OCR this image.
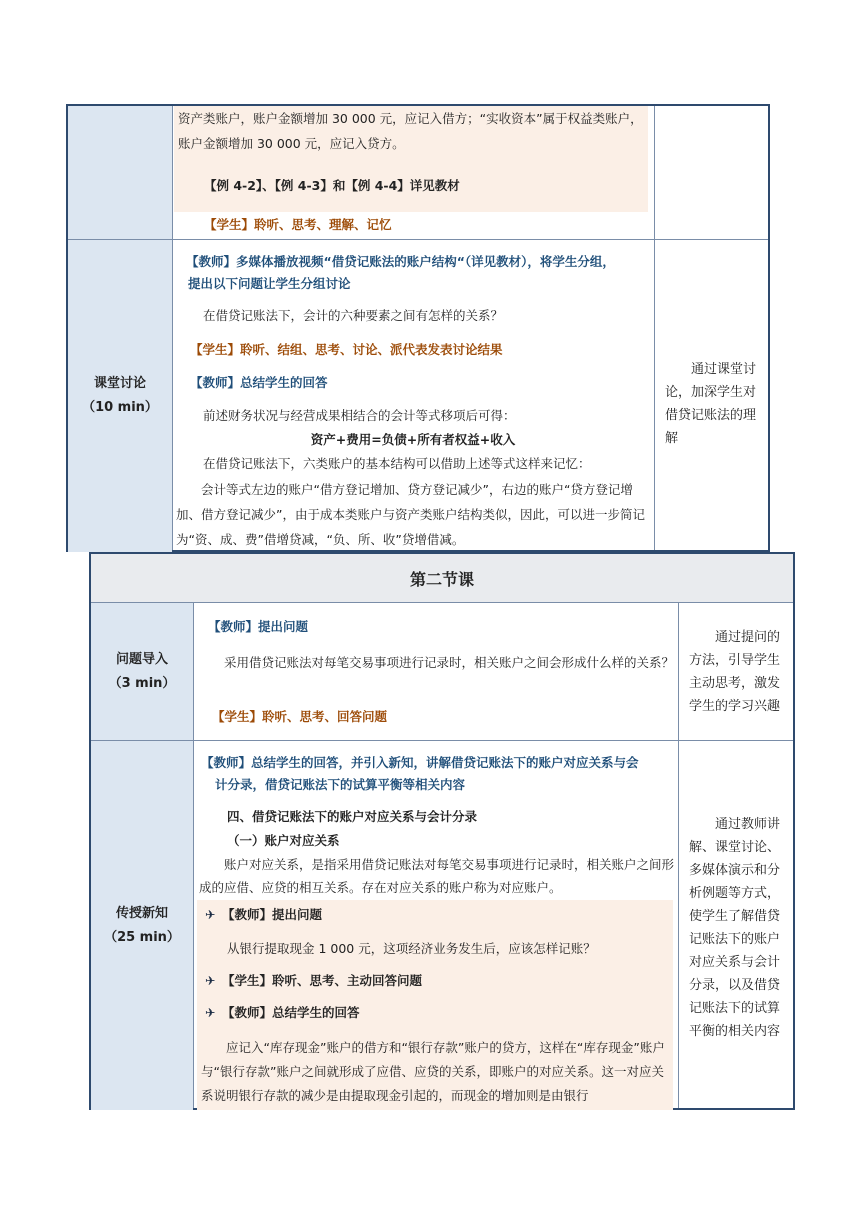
资产类账户，账户金额增加 30 000 元，应记入借方；“实收资本”属于权益类账户，

账户金额增加 30 000 元，应记入贷方。

【例 4-2】、【例 4-3】和【例 4-4】详见教材

【学生】聆听、思考、理解、记忆

课堂讨论
（10 min）

【教师】多媒体播放视频“借贷记账法的账户结构“（详见教材），将学生分组，

提出以下问题让学生分组讨论

在借贷记账法下，会计的六种要素之间有怎样的关系？

【学生】聆听、结组、思考、讨论、派代表发表讨论结果

【教师】总结学生的回答

前述财务状况与经营成果相结合的会计等式移项后可得：

资产+费用=负债+所有者权益+收入

在借贷记账法下，六类账户的基本结构可以借助上述等式这样来记忆：

会计等式左边的账户“借方登记增加、贷方登记减少”，右边的账户“贷方登记增加、借方登记减少”，由于成本类账户与资产类账户结构类似，因此，可以进一步简记为“资、成、费”借增贷减，“负、所、收”贷增借减。

通过课堂讨论，加深学生对借贷记账法的理解
第二节课
问题导入
（3 min）

【教师】提出问题

采用借贷记账法对每笔交易事项进行记录时，相关账户之间会形成什么样的关系？

【学生】聆听、思考、回答问题

通过提问的方法，引导学生主动思考，激发学生的学习兴趣
传授新知
（25 min）

【教师】总结学生的回答，并引入新知，讲解借贷记账法下的账户对应关系与会

计分录，借贷记账法下的试算平衡等相关内容

四、借贷记账法下的账户对应关系与会计分录

（一）账户对应关系

账户对应关系，是指采用借贷记账法对每笔交易事项进行记录时，相关账户之间形成的应借、应贷的相互关系。存在对应关系的账户称为对应账户。

✈ 【教师】提出问题

从银行提取现金 1 000 元，这项经济业务发生后，应该怎样记账？

✈ 【学生】聆听、思考、主动回答问题

✈ 【教师】总结学生的回答

应记入“库存现金”账户的借方和“银行存款”账户的贷方，这样在“库存现金”账户与“银行存款”账户之间就形成了应借、应贷的关系，即账户的对应关系。这一对应关系说明银行存款的减少是由提取现金引起的，而现金的增加则是由银行

通过教师讲解、课堂讨论、多媒体演示和分析例题等方式，使学生了解借贷记账法下的账户对应关系与会计分录，以及借贷记账法下的试算平衡的相关内容
